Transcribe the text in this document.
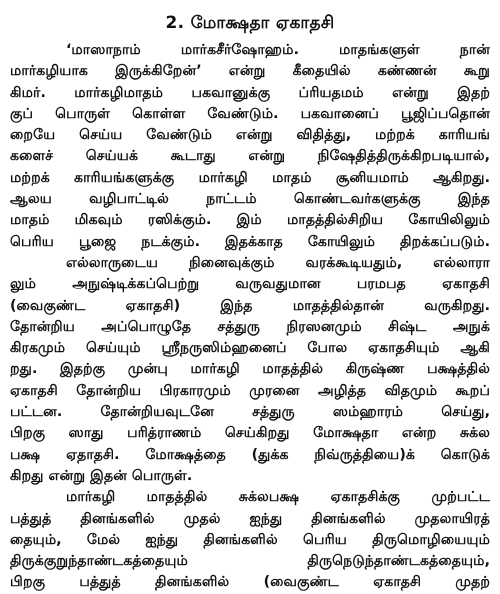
2. மோக்ஷதா ஏகாதசி
‘மாஸாநாம் மார்கசீர்ஷோஹம். மாதங்களுள் நான்
மார்கழியாக இருக்கிறேன்’ என்று கீதையில் கண்ணன் கூறு
கிமர். மார்கழிமாதம் பகவானுக்கு ப்ரியதமம் என்று இதற்
குப் பொருள் கொள்ள வேண்டும். பகவானைப் பூஜிப்பதொன்
றையே செய்ய வேண்டும் என்று விதித்து, மற்றக் காரியங்
களைச் செய்யக் கூடாது என்று நிஷேதித்திருக்கிறபடியால்,
மற்றக் காரியங்களுக்கு மார்கழி மாதம் சூனியமாம் ஆகிறது.
ஆலய வழிபாட்டில் நாட்டம் கொண்டவர்களுக்கு இந்த
மாதம் மிகவும் ரஸிக்கும். இம் மாதத்தில்சிறிய கோயிலிலும்
பெரிய பூஜை நடக்கும். இதக்காத கோயிலும் திறக்கப்படும்.
எல்லாருடைய நினைவுக்கும் வரக்கூடியதும், எல்லாரா
லும் அநுஷ்டிக்கப்பெற்று வருவதுமான பரமபத ஏகாதசி
(வைகுண்ட ஏகாதசி) இந்த மாதத்தில்தான் வருகிறது.
தோன்றிய அப்பொழுதே சத்துரு நிரஸனமும் சிஷ்ட அநுக்
கிரகமும் செய்யும் ஸ்ரீநருஸிம்ஹனைப் போல ஏகாதசியும் ஆகி
றது. இதற்கு முன்பு மார்கழி மாதத்தில் கிருஷ்ண பக்ஷத்தில்
ஏகாதசி தோன்றிய பிரகாரமும் முரனை அழித்த விதமும் கூறப்
பட்டன. தோன்றியவுடனே சத்துரு ஸம்ஹாரம் செய்து,
பிறகு ஸாது பரித்ராணம் செய்கிறது மோக்ஷதா என்ற சுக்ல
பக்ஷ ஏதாதசி. மோக்ஷத்தை (துக்க நிவ்ருத்தியை)க் கொடுக்
கிறது என்று இதன் பொருள்.
மார்கழி மாதத்தில் சுக்லபக்ஷ ஏகாதசிக்கு முற்பட்ட
பத்துத் தினங்களில் முதல் ஐந்து தினங்களில் முதலாயிரத்
தையும், மேல் ஐந்து தினங்களில் பெரிய திருமொழியையும்
திருக்குறுந்தாண்டகத்தையும் திருநெடுந்தாண்டகத்தையும்,
பிறகு பத்துத் தினங்களில் (வைகுண்ட ஏகாதசி முதற்
